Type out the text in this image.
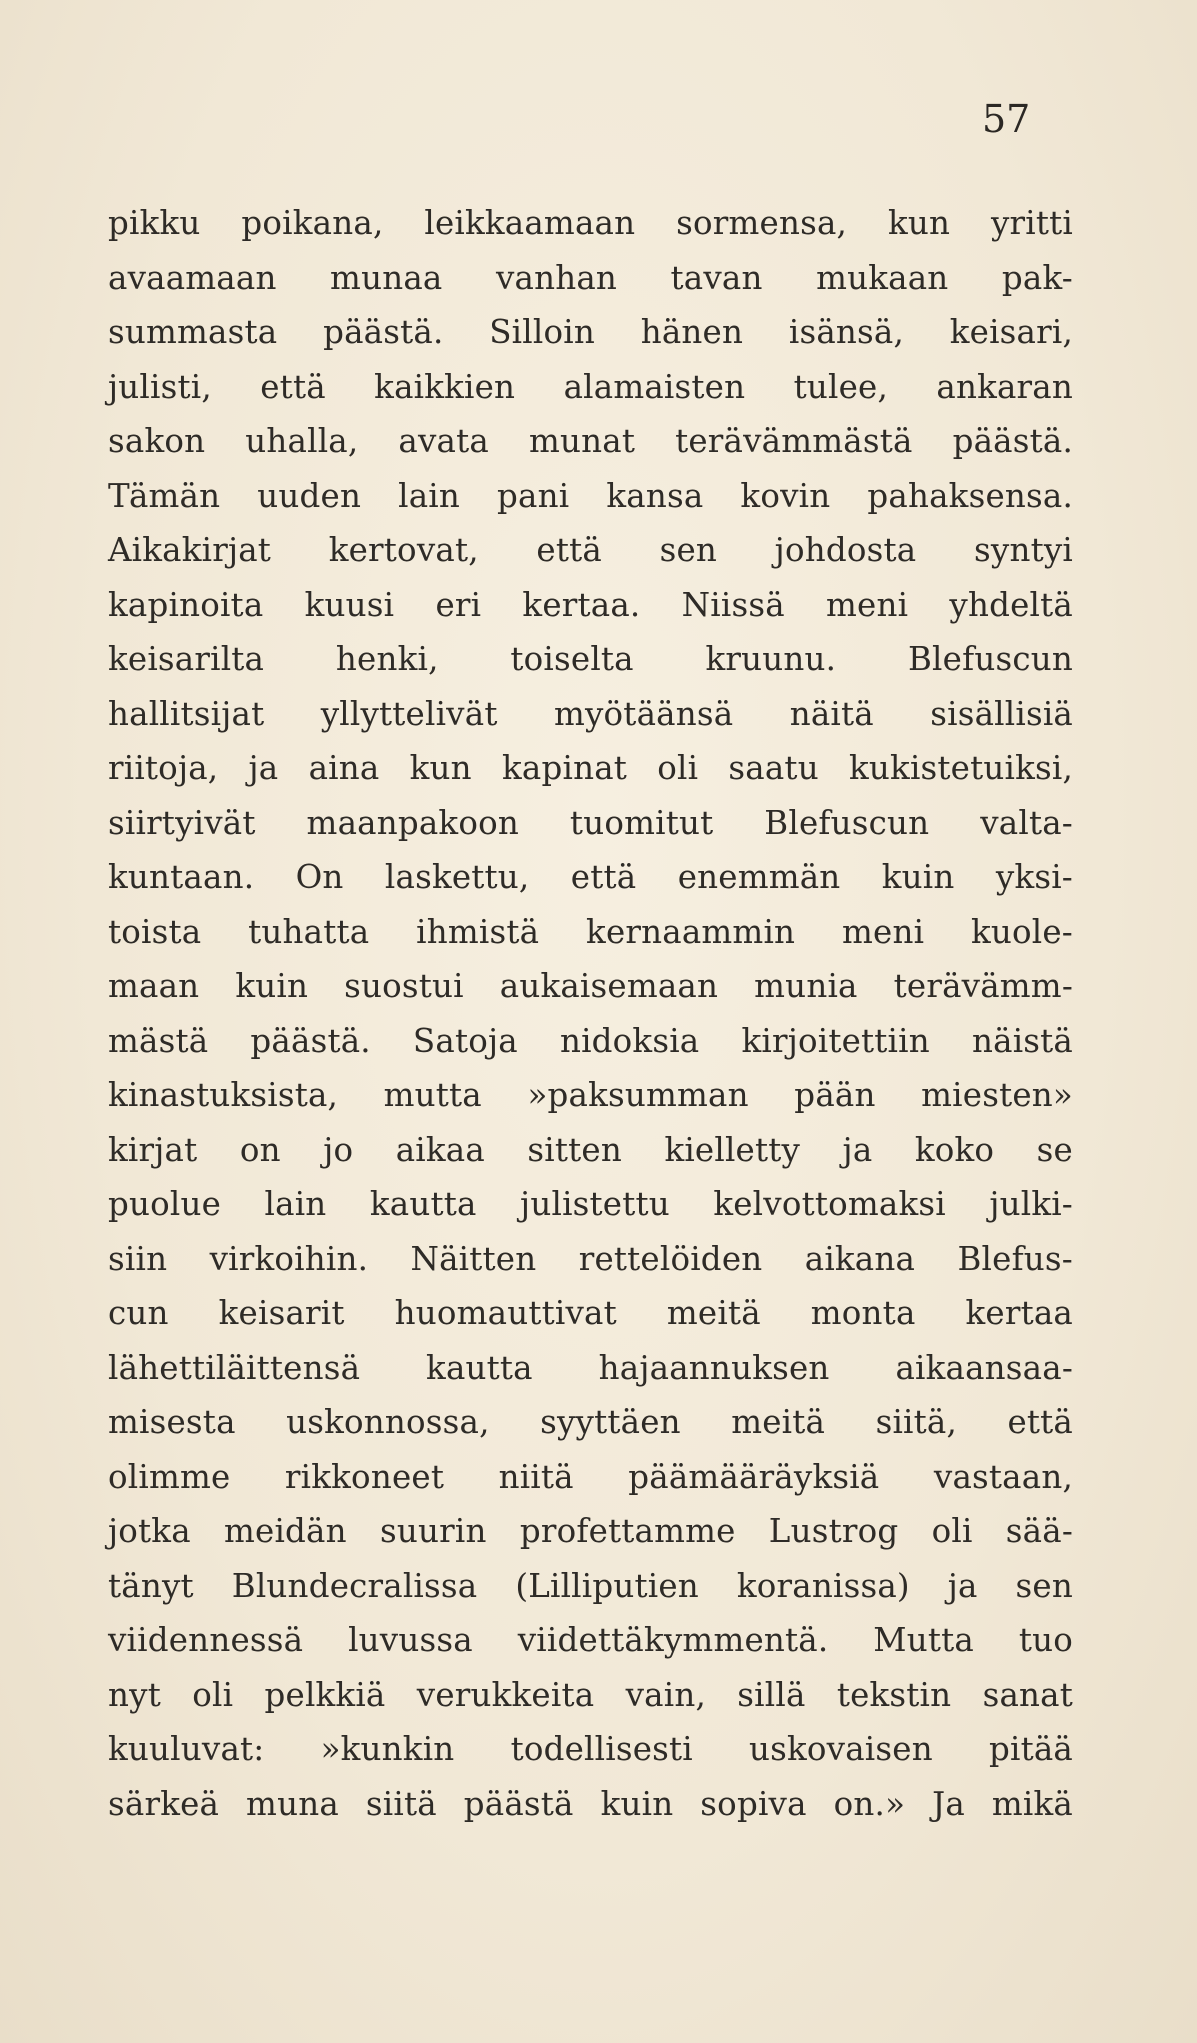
57
pikku poikana, leikkaamaan sormensa, kun yritti
avaamaan munaa vanhan tavan mukaan pak-
summasta päästä. Silloin hänen isänsä, keisari,
julisti, että kaikkien alamaisten tulee, ankaran
sakon uhalla, avata munat terävämmästä päästä.
Tämän uuden lain pani kansa kovin pahaksensa.
Aikakirjat kertovat, että sen johdosta syntyi
kapinoita kuusi eri kertaa. Niissä meni yhdeltä
keisarilta henki, toiselta kruunu. Blefuscun
hallitsijat yllyttelivät myötäänsä näitä sisällisiä
riitoja, ja aina kun kapinat oli saatu kukistetuiksi,
siirtyivät maanpakoon tuomitut Blefuscun valta-
kuntaan. On laskettu, että enemmän kuin yksi-
toista tuhatta ihmistä kernaammin meni kuole-
maan kuin suostui aukaisemaan munia terävämm-
mästä päästä. Satoja nidoksia kirjoitettiin näistä
kinastuksista, mutta »paksumman pään miesten»
kirjat on jo aikaa sitten kielletty ja koko se
puolue lain kautta julistettu kelvottomaksi julki-
siin virkoihin. Näitten rettelöiden aikana Blefus-
cun keisarit huomauttivat meitä monta kertaa
lähettiläittensä kautta hajaannuksen aikaansaa-
misesta uskonnossa, syyttäen meitä siitä, että
olimme rikkoneet niitä päämääräyksiä vastaan,
jotka meidän suurin profettamme Lustrog oli sää-
tänyt Blundecralissa (Lilliputien koranissa) ja sen
viidennessä luvussa viidettäkymmentä. Mutta tuo
nyt oli pelkkiä verukkeita vain, sillä tekstin sanat
kuuluvat: »kunkin todellisesti uskovaisen pitää
särkeä muna siitä päästä kuin sopiva on.» Ja mikä
